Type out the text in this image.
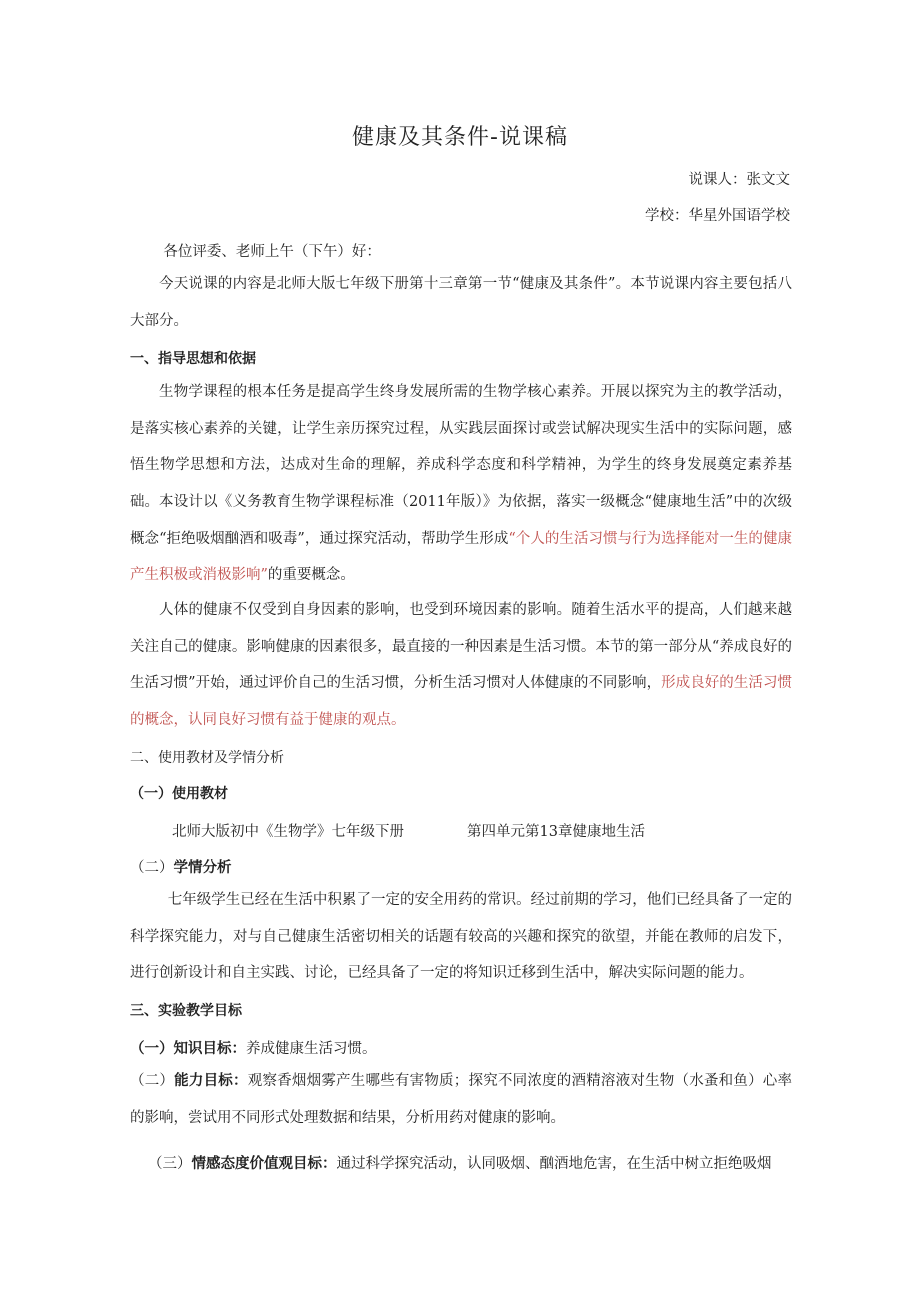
健康及其条件-说课稿
说课人：张文文
学校：华星外国语学校
各位评委、老师上午（下午）好：

今天说课的内容是北师大版七年级下册第十三章第一节“健康及其条件”。本节说课内容主要包括八大部分。

一、指导思想和依据

生物学课程的根本任务是提高学生终身发展所需的生物学核心素养。开展以探究为主的教学活动，是落实核心素养的关键，让学生亲历探究过程，从实践层面探讨或尝试解决现实生活中的实际问题，感悟生物学思想和方法，达成对生命的理解，养成科学态度和科学精神，为学生的终身发展奠定素养基础。 本设计以《义务教育生物学课程标准（2011年版）》为依据，落实一级概念“健康地生活”中的次级概念“拒绝吸烟酗酒和吸毒”，通过探究活动，帮助学生形成“个人的生活习惯与行为选择能对一生的健康产生积极或消极影响”的重要概念。

人体的健康不仅受到自身因素的影响，也受到环境因素的影响。随着生活水平的提高，人们越来越关注自己的健康。影响健康的因素很多，最直接的一种因素是生活习惯。本节的第一部分从“养成良好的生活习惯”开始，通过评价自己的生活习惯，分析生活习惯对人体健康的不同影响，形成良好的生活习惯的概念，认同良好习惯有益于健康的观点。

二、使用教材及学情分析
（一）使用教材
北师大版初中《生物学》七年级下册	第四单元第13章健康地生活
（二）学情分析

七年级学生已经在生活中积累了一定的安全用药的常识。经过前期的学习，他们已经具备了一定的科学探究能力，对与自己健康生活密切相关的话题有较高的兴趣和探究的欲望，并能在教师的启发下，进行创新设计和自主实践、讨论，已经具备了一定的将知识迁移到生活中，解决实际问题的能力。

三、实验教学目标
（一）知识目标：养成健康生活习惯。

（二）能力目标：观察香烟烟雾产生哪些有害物质；探究不同浓度的酒精溶液对生物（水蚤和鱼）心率的影响，尝试用不同形式处理数据和结果，分析用药对健康的影响。

（三）情感态度价值观目标：通过科学探究活动，认同吸烟、酗酒地危害，在生活中树立拒绝吸烟
